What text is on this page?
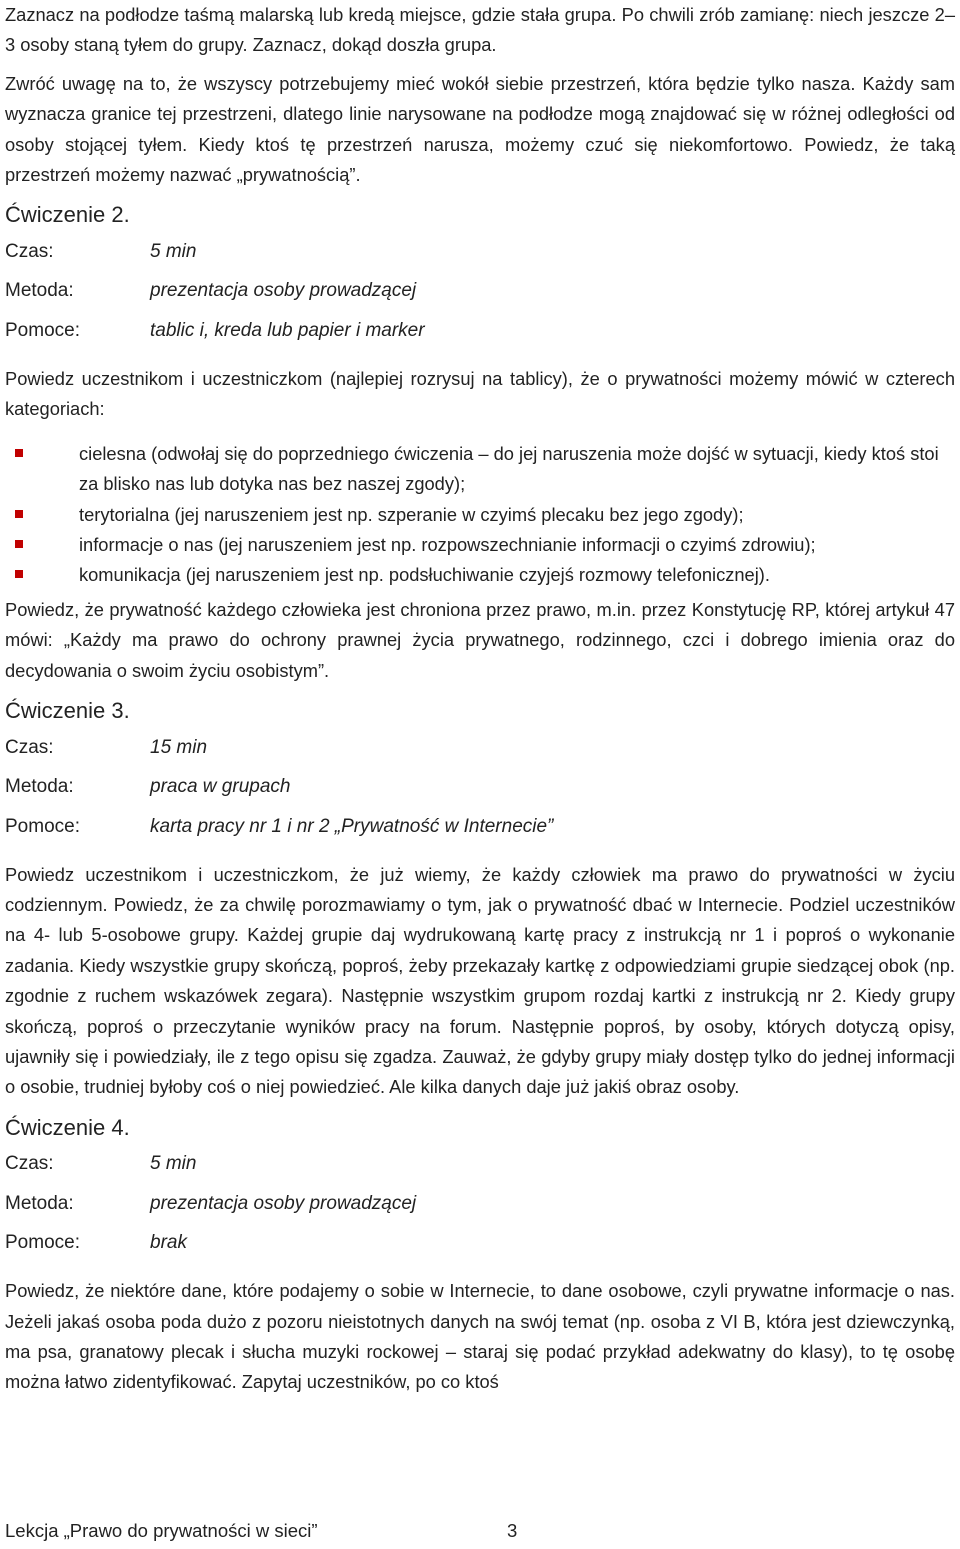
Zaznacz na podłodze taśmą malarską lub kredą miejsce, gdzie stała grupa. Po chwili zrób zamianę: niech jeszcze 2–3 osoby staną tyłem do grupy. Zaznacz, dokąd doszła grupa.

Zwróć uwagę na to, że wszyscy potrzebujemy mieć wokół siebie przestrzeń, która będzie tylko nasza. Każdy sam wyznacza granice tej przestrzeni, dlatego linie narysowane na podłodze mogą znajdować się w różnej odległości od osoby stojącej tyłem. Kiedy ktoś tę przestrzeń narusza, możemy czuć się niekomfortowo. Powiedz, że taką przestrzeń możemy nazwać „prywatnością”.

Ćwiczenie 2.
Czas:	5 min
Metoda:	prezentacja osoby prowadzącej
Pomoce:	tablic i, kreda lub papier i marker

Powiedz uczestnikom i uczestniczkom (najlepiej rozrysuj na tablicy), że o prywatności możemy mówić w czterech kategoriach:

cielesna (odwołaj się do poprzedniego ćwiczenia – do jej naruszenia może dojść w sytuacji, kiedy ktoś stoi za blisko nas lub dotyka nas bez naszej zgody);
terytorialna (jej naruszeniem jest np. szperanie w czyimś plecaku bez jego zgody);
informacje o nas (jej naruszeniem jest np. rozpowszechnianie informacji o czyimś zdrowiu);
komunikacja (jej naruszeniem jest np. podsłuchiwanie czyjejś rozmowy telefonicznej).

Powiedz, że prywatność każdego człowieka jest chroniona przez prawo, m.in. przez Konstytucję RP, której artykuł 47 mówi: „Każdy ma prawo do ochrony prawnej życia prywatnego, rodzinnego, czci i dobrego imienia oraz do decydowania o swoim życiu osobistym”.

Ćwiczenie 3.
Czas:	15 min
Metoda:	praca w grupach
Pomoce:	karta pracy nr 1 i nr 2 „Prywatność w Internecie”

Powiedz uczestnikom i uczestniczkom, że już wiemy, że każdy człowiek ma prawo do prywatności w życiu codziennym. Powiedz, że za chwilę porozmawiamy o tym, jak o prywatność dbać w Internecie. Podziel uczestników na 4- lub 5-osobowe grupy. Każdej grupie daj wydrukowaną kartę pracy z instrukcją nr 1 i poproś o wykonanie zadania. Kiedy wszystkie grupy skończą, poproś, żeby przekazały kartkę z odpowiedziami grupie siedzącej obok (np. zgodnie z ruchem wskazówek zegara). Następnie wszystkim grupom rozdaj kartki z instrukcją nr 2. Kiedy grupy skończą, poproś o przeczytanie wyników pracy na forum. Następnie poproś, by osoby, których dotyczą opisy, ujawniły się i powiedziały, ile z tego opisu się zgadza. Zauważ, że gdyby grupy miały dostęp tylko do jednej informacji o osobie, trudniej byłoby coś o niej powiedzieć. Ale kilka danych daje już jakiś obraz osoby.

Ćwiczenie 4.
Czas:	5 min
Metoda:	prezentacja osoby prowadzącej
Pomoce:	brak

Powiedz, że niektóre dane, które podajemy o sobie w Internecie, to dane osobowe, czyli prywatne informacje o nas. Jeżeli jakaś osoba poda dużo z pozoru nieistotnych danych na swój temat (np. osoba z VI B, która jest dziewczynką, ma psa, granatowy plecak i słucha muzyki rockowej – staraj się podać przykład adekwatny do klasy), to tę osobę można łatwo zidentyfikować. Zapytaj uczestników, po co ktoś

Lekcja „Prawo do prywatności w sieci”	3
